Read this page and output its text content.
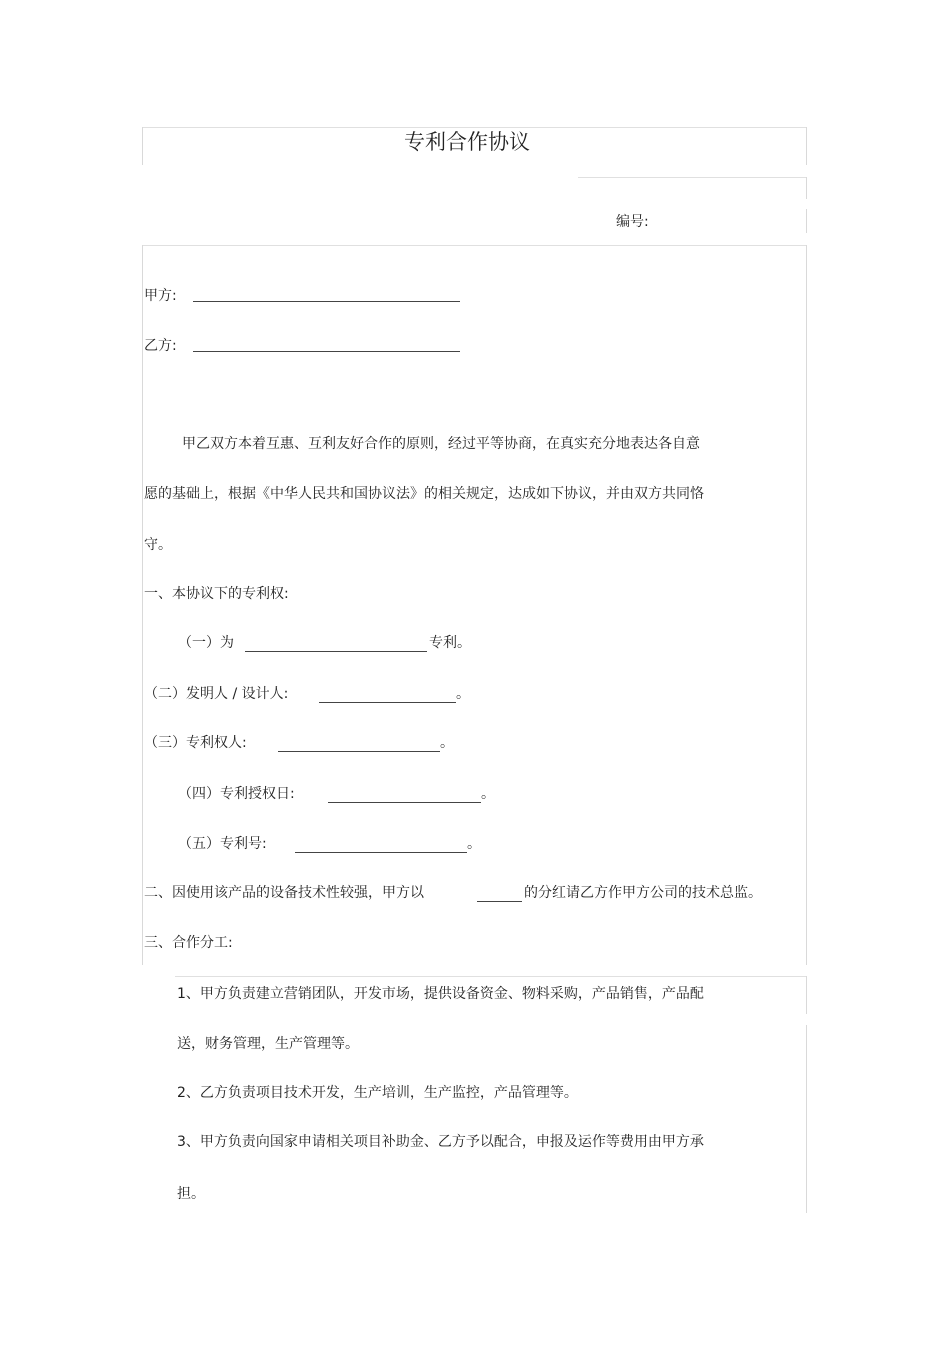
专利合作协议
编号:
甲方:
乙方:
甲乙双方本着互惠、互利友好合作的原则，经过平等协商，在真实充分地表达各自意
愿的基础上，根据《中华人民共和国协议法》的相关规定，达成如下协议，并由双方共同恪
守。
一、本协议下的专利权:
（一）为	专利。
（二）发明人 / 设计人:	。
（三）专利权人:	。
（四）专利授权日:	。
（五）专利号:	。
二、因使用该产品的设备技术性较强，甲方以	的分红请乙方作甲方公司的技术总监。
三、合作分工:
1、甲方负责建立营销团队，开发市场，提供设备资金、物料采购，产品销售，产品配
送，财务管理，生产管理等。
2、乙方负责项目技术开发，生产培训，生产监控，产品管理等。
3、甲方负责向国家申请相关项目补助金、乙方予以配合，申报及运作等费用由甲方承
担。
